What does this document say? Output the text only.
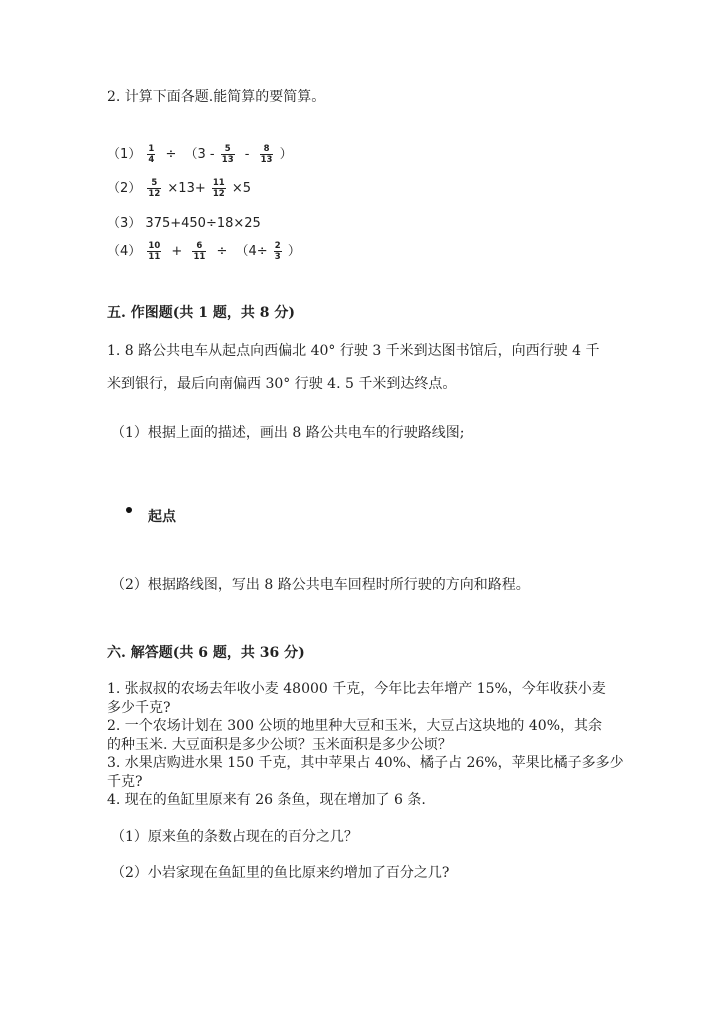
2. 计算下面各题.能简算的要简算。
$(1) \frac{1}{4} \div (3 - \frac{5}{13} - \frac{8}{13}$ ）
$(2) \frac{5}{12} \times 13+ \frac{11}{12} \times 5$
（3） 375+450÷18×25
$(4) \frac{10}{11} + \frac{6}{11} \div (4\div \frac{2}{3}$ ）
五. 作图题(共 1 题，共 8 分)
1. 8 路公共电车从起点向西偏北 40° 行驶 3 千米到达图书馆后，向西行驶 4 千
米到银行，最后向南偏西 30° 行驶 4. 5 千米到达终点。
（1）根据上面的描述，画出 8 路公共电车的行驶路线图;
起点
（2）根据路线图，写出 8 路公共电车回程时所行驶的方向和路程。
六. 解答题(共 6 题，共 36 分)
1. 张叔叔的农场去年收小麦 48000 千克，今年比去年增产 15%，今年收获小麦
多少千克?
2. 一个农场计划在 300 公顷的地里种大豆和玉米，大豆占这块地的 40%，其余
的种玉米. 大豆面积是多少公顷？玉米面积是多少公顷？
3. 水果店购进水果 150 千克，其中苹果占 40%、橘子占 26%，苹果比橘子多多少
千克?
4. 现在的鱼缸里原来有 26 条鱼，现在增加了 6 条.
（1）原来鱼的条数占现在的百分之几？
（2）小岩家现在鱼缸里的鱼比原来约增加了百分之几?
